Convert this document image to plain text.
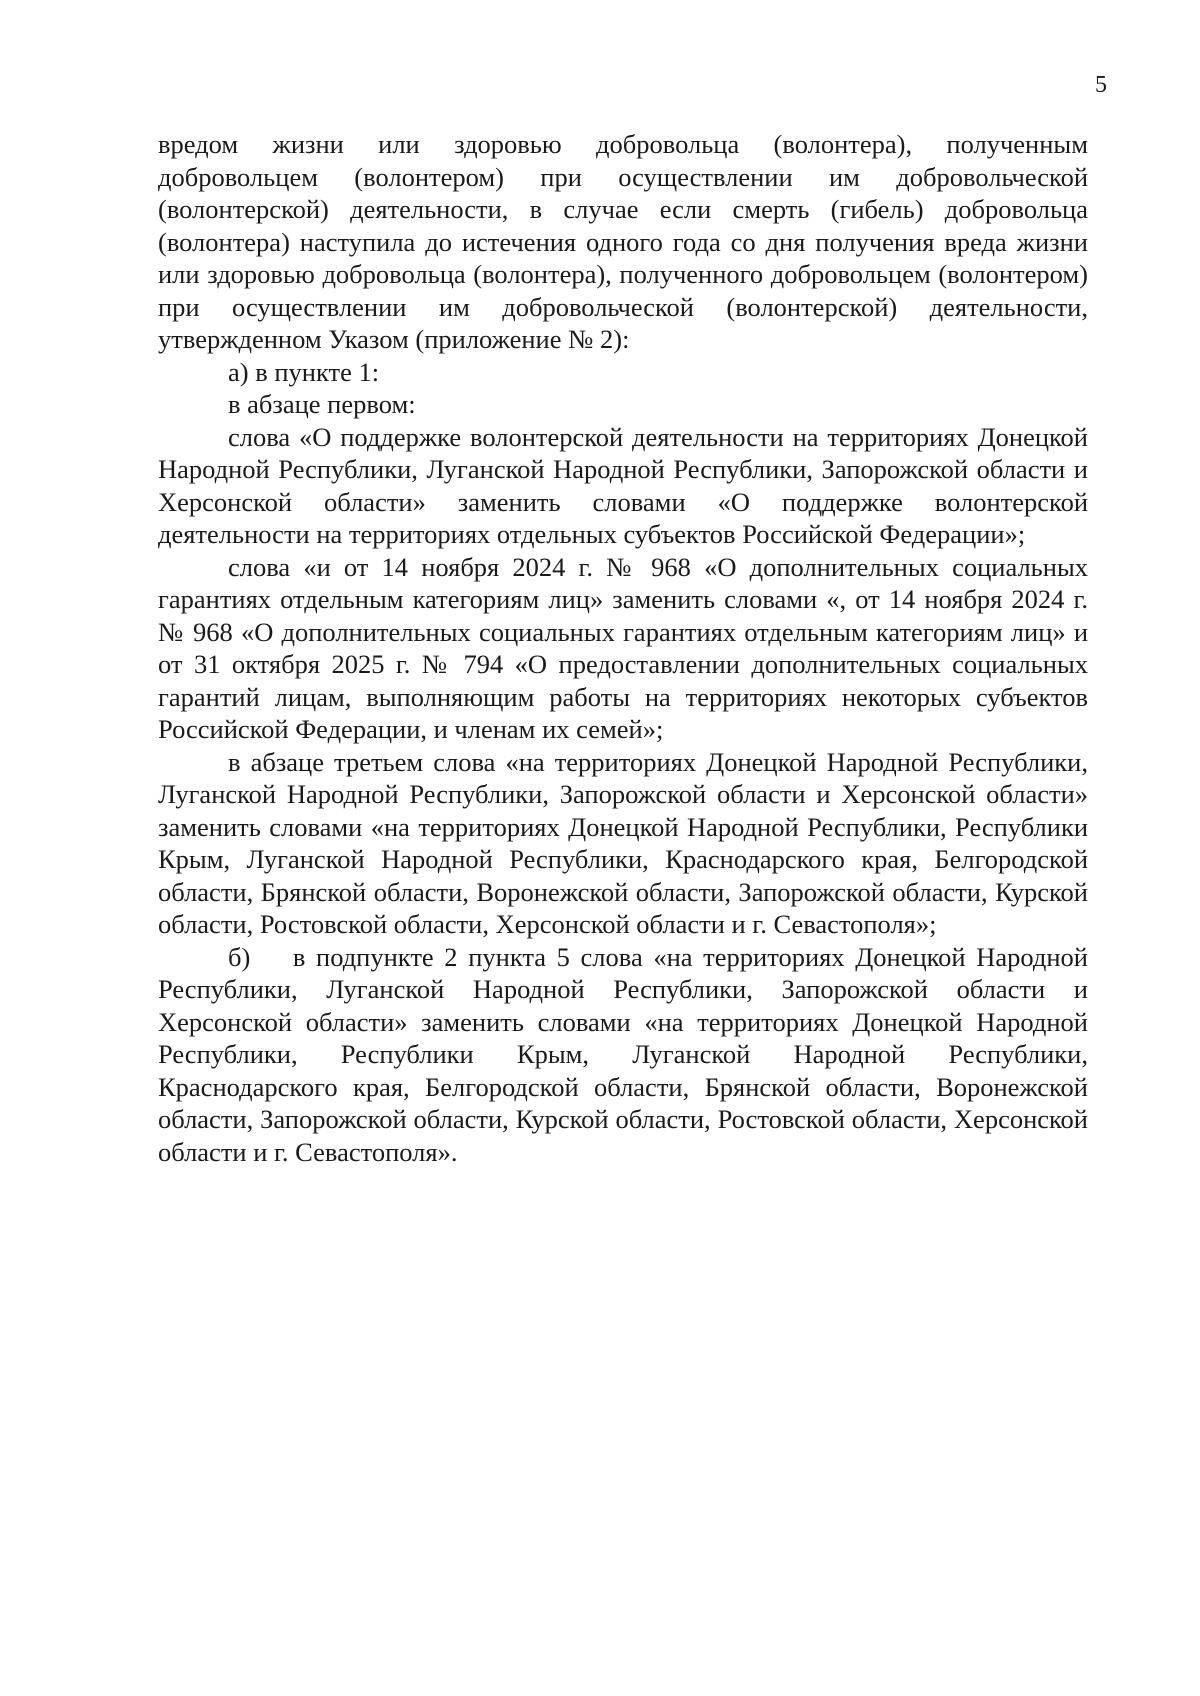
5

вредом жизни или здоровью добровольца (волонтера), полученным добровольцем (волонтером) при осуществлении им добровольческой (волонтерской) деятельности, в случае если смерть (гибель) добровольца (волонтера) наступила до истечения одного года со дня получения вреда жизни или здоровью добровольца (волонтера), полученного добровольцем (волонтером) при осуществлении им добровольческой (волонтерской) деятельности, утвержденном Указом (приложение № 2):

а) в пункте 1:

в абзаце первом:

слова «О поддержке волонтерской деятельности на территориях Донецкой Народной Республики, Луганской Народной Республики, Запорожской области и Херсонской области» заменить словами «О поддержке волонтерской деятельности на территориях отдельных субъектов Российской Федерации»;

слова «и от 14 ноября 2024 г. № 968 «О дополнительных социальных гарантиях отдельным категориям лиц» заменить словами «, от 14 ноября 2024 г. № 968 «О дополнительных социальных гарантиях отдельным категориям лиц» и от 31 октября 2025 г. № 794 «О предоставлении дополнительных социальных гарантий лицам, выполняющим работы на территориях некоторых субъектов Российской Федерации, и членам их семей»;

в абзаце третьем слова «на территориях Донецкой Народной Республики, Луганской Народной Республики, Запорожской области и Херсонской области» заменить словами «на территориях Донецкой Народной Республики, Республики Крым, Луганской Народной Республики, Краснодарского края, Белгородской области, Брянской области, Воронежской области, Запорожской области, Курской области, Ростовской области, Херсонской области и г. Севастополя»;

б)    в подпункте 2 пункта 5 слова «на территориях Донецкой Народной Республики, Луганской Народной Республики, Запорожской области и Херсонской области» заменить словами «на территориях Донецкой Народной Республики, Республики Крым, Луганской Народной Республики, Краснодарского края, Белгородской области, Брянской области, Воронежской области, Запорожской области, Курской области, Ростовской области, Херсонской области и г. Севастополя».
